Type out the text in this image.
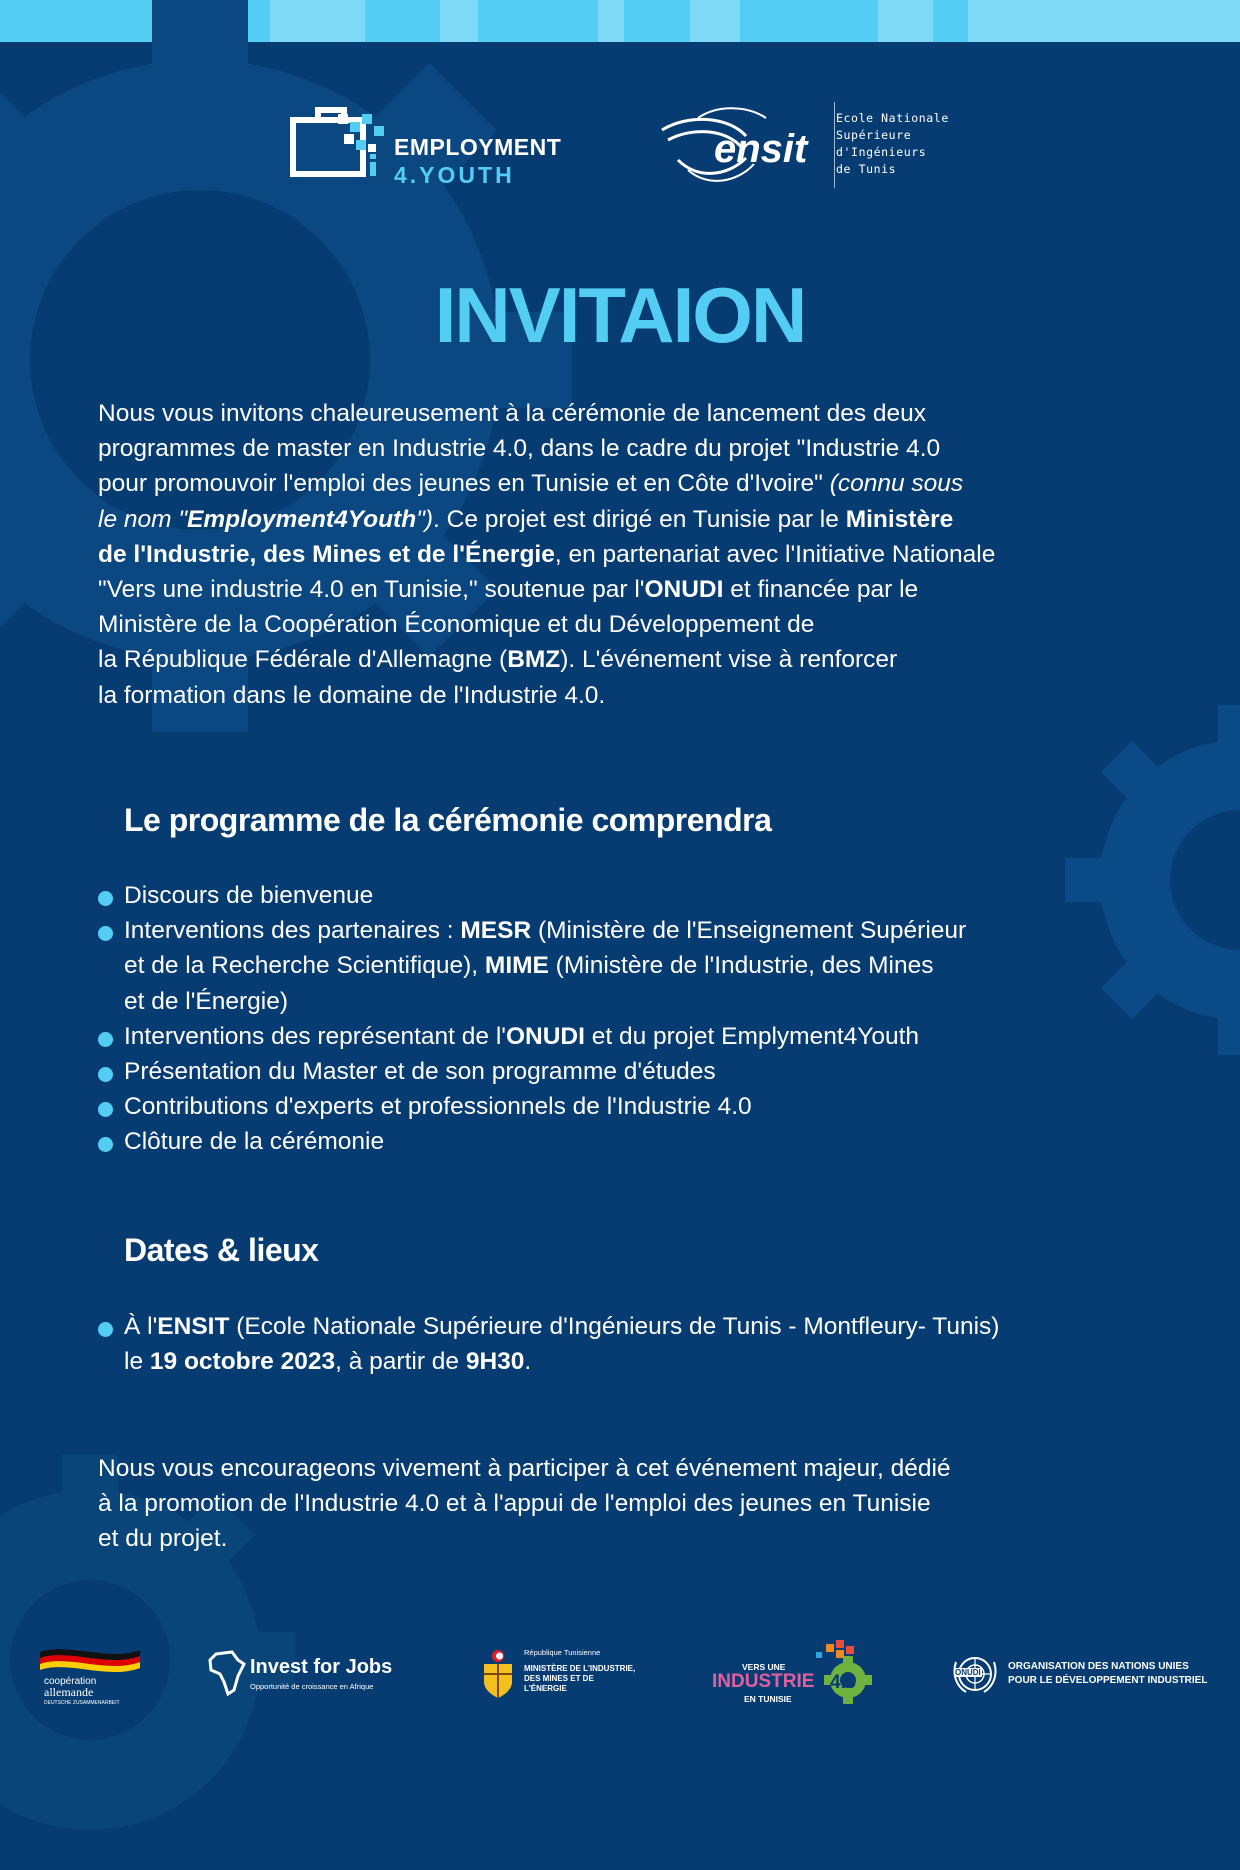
EMPLOYMENT
4.YOUTH
ensit
Ecole Nationale
Supérieure
d'Ingénieurs
de Tunis
INVITAION
Nous vous invitons chaleureusement à la cérémonie de lancement des deux
programmes de master en Industrie 4.0, dans le cadre du projet "Industrie 4.0
pour promouvoir l'emploi des jeunes en Tunisie et en Côte d'Ivoire" (connu sous
le nom "Employment4Youth"). Ce projet est dirigé en Tunisie par le Ministère
de l'Industrie, des Mines et de l'Énergie, en partenariat avec l'Initiative Nationale
"Vers une industrie 4.0 en Tunisie," soutenue par l'ONUDI et financée par le
Ministère de la Coopération Économique et du Développement de
la République Fédérale d'Allemagne (BMZ). L'événement vise à renforcer
la formation dans le domaine de l'Industrie 4.0.
Le programme de la cérémonie comprendra
Discours de bienvenue
Interventions des partenaires : MESR (Ministère de l'Enseignement Supérieur
et de la Recherche Scientifique), MIME (Ministère de l'Industrie, des Mines
et de l'Énergie)
Interventions des représentant de l'ONUDI et du projet Emplyment4Youth
Présentation du Master et de son programme d'études
Contributions d'experts et professionnels de l'Industrie 4.0
Clôture de la cérémonie
Dates & lieux
À l'ENSIT (Ecole Nationale Supérieure d'Ingénieurs de Tunis - Montfleury- Tunis)
le 19 octobre 2023, à partir de 9H30.
Nous vous encourageons vivement à participer à cet événement majeur, dédié
à la promotion de l'Industrie 4.0 et à l'appui de l'emploi des jeunes en Tunisie
et du projet.
coopération
allemande
DEUTSCHE ZUSAMMENARBEIT
Invest for Jobs
Opportunité de croissance en Afrique
République Tunisienne
MINISTÈRE DE L'INDUSTRIE,
DES MINES ET DE
L'ÉNERGIE
VERS UNE
INDUSTRIE 4.0
EN TUNISIE
ONUDI
ORGANISATION DES NATIONS UNIES
POUR LE DÉVELOPPEMENT INDUSTRIEL
